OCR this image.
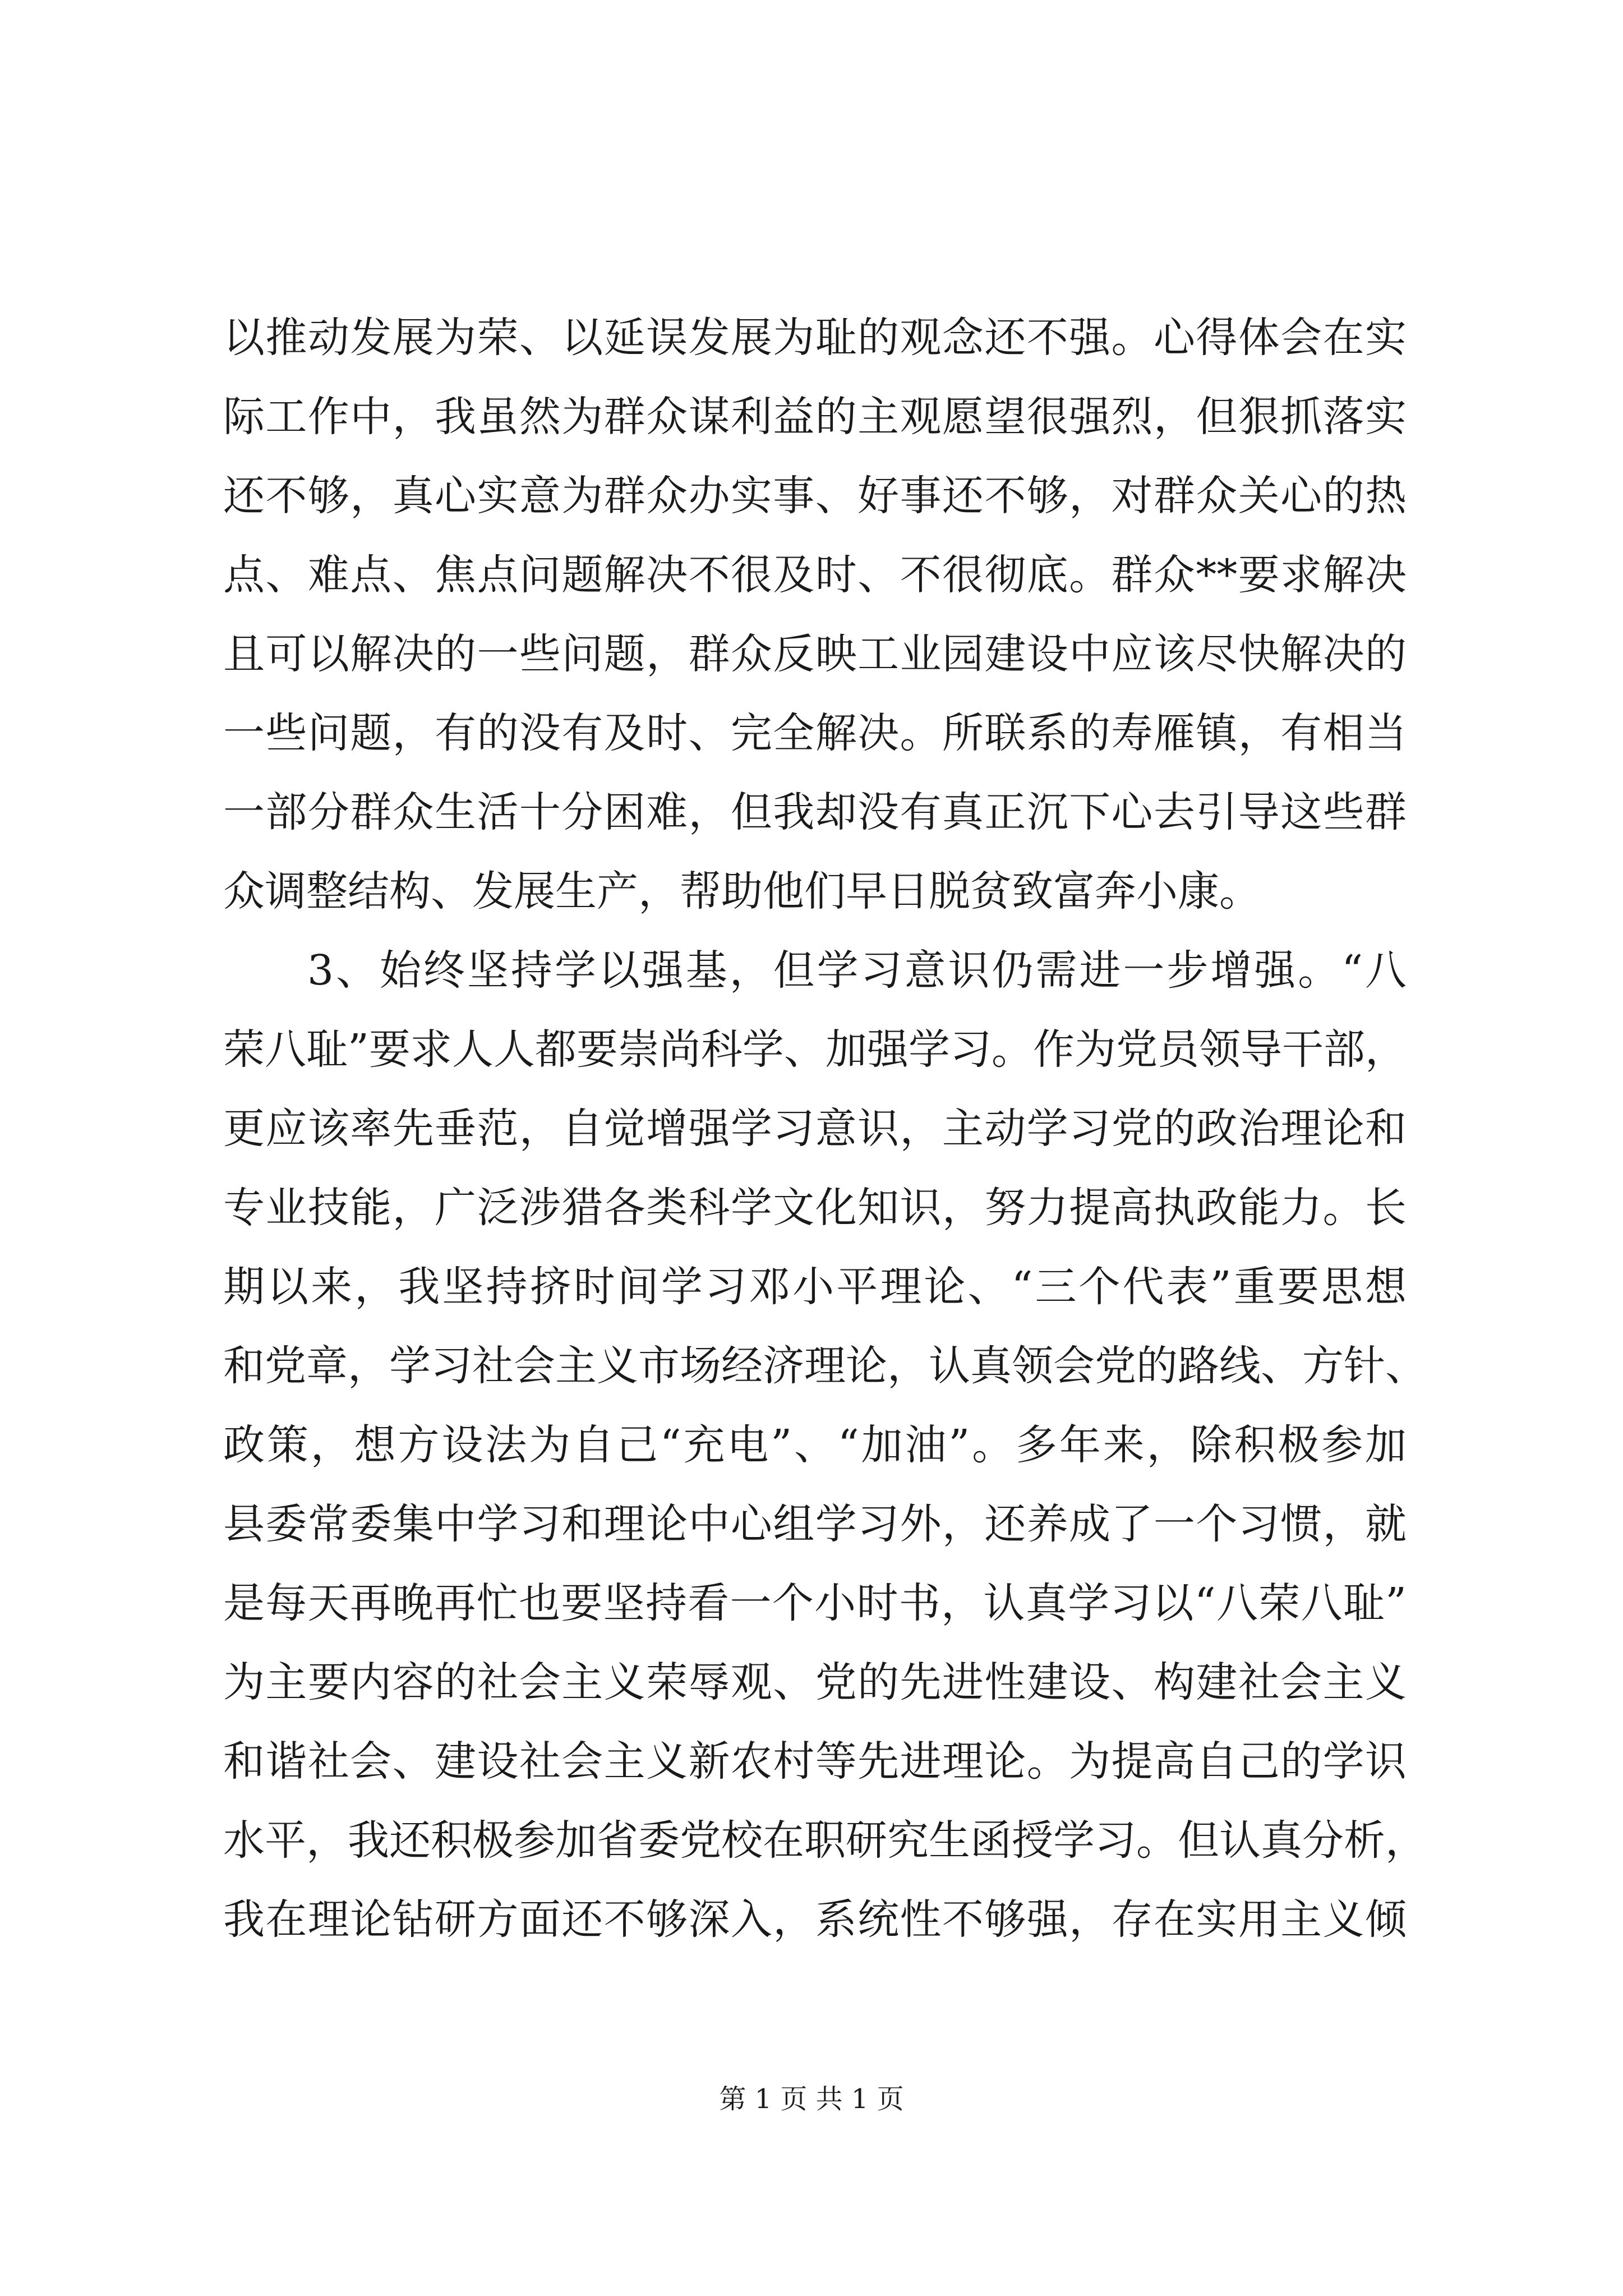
以推动发展为荣、以延误发展为耻的观念还不强。心得体会在实
际工作中，我虽然为群众谋利益的主观愿望很强烈，但狠抓落实
还不够，真心实意为群众办实事、好事还不够，对群众关心的热
点、难点、焦点问题解决不很及时、不很彻底。群众**要求解决
且可以解决的一些问题，群众反映工业园建设中应该尽快解决的
一些问题，有的没有及时、完全解决。所联系的寿雁镇，有相当
一部分群众生活十分困难，但我却没有真正沉下心去引导这些群
众调整结构、发展生产，帮助他们早日脱贫致富奔小康。
3、始终坚持学以强基，但学习意识仍需进一步增强。“八
荣八耻”要求人人都要崇尚科学、加强学习。作为党员领导干部，
更应该率先垂范，自觉增强学习意识，主动学习党的政治理论和
专业技能，广泛涉猎各类科学文化知识，努力提高执政能力。长
期以来，我坚持挤时间学习邓小平理论、“三个代表”重要思想
和党章，学习社会主义市场经济理论，认真领会党的路线、方针、
政策，想方设法为自己“充电”、“加油”。多年来，除积极参加
县委常委集中学习和理论中心组学习外，还养成了一个习惯，就
是每天再晚再忙也要坚持看一个小时书，认真学习以“八荣八耻”
为主要内容的社会主义荣辱观、党的先进性建设、构建社会主义
和谐社会、建设社会主义新农村等先进理论。为提高自己的学识
水平，我还积极参加省委党校在职研究生函授学习。但认真分析，
我在理论钻研方面还不够深入，系统性不够强，存在实用主义倾
第 1 页 共 1 页
